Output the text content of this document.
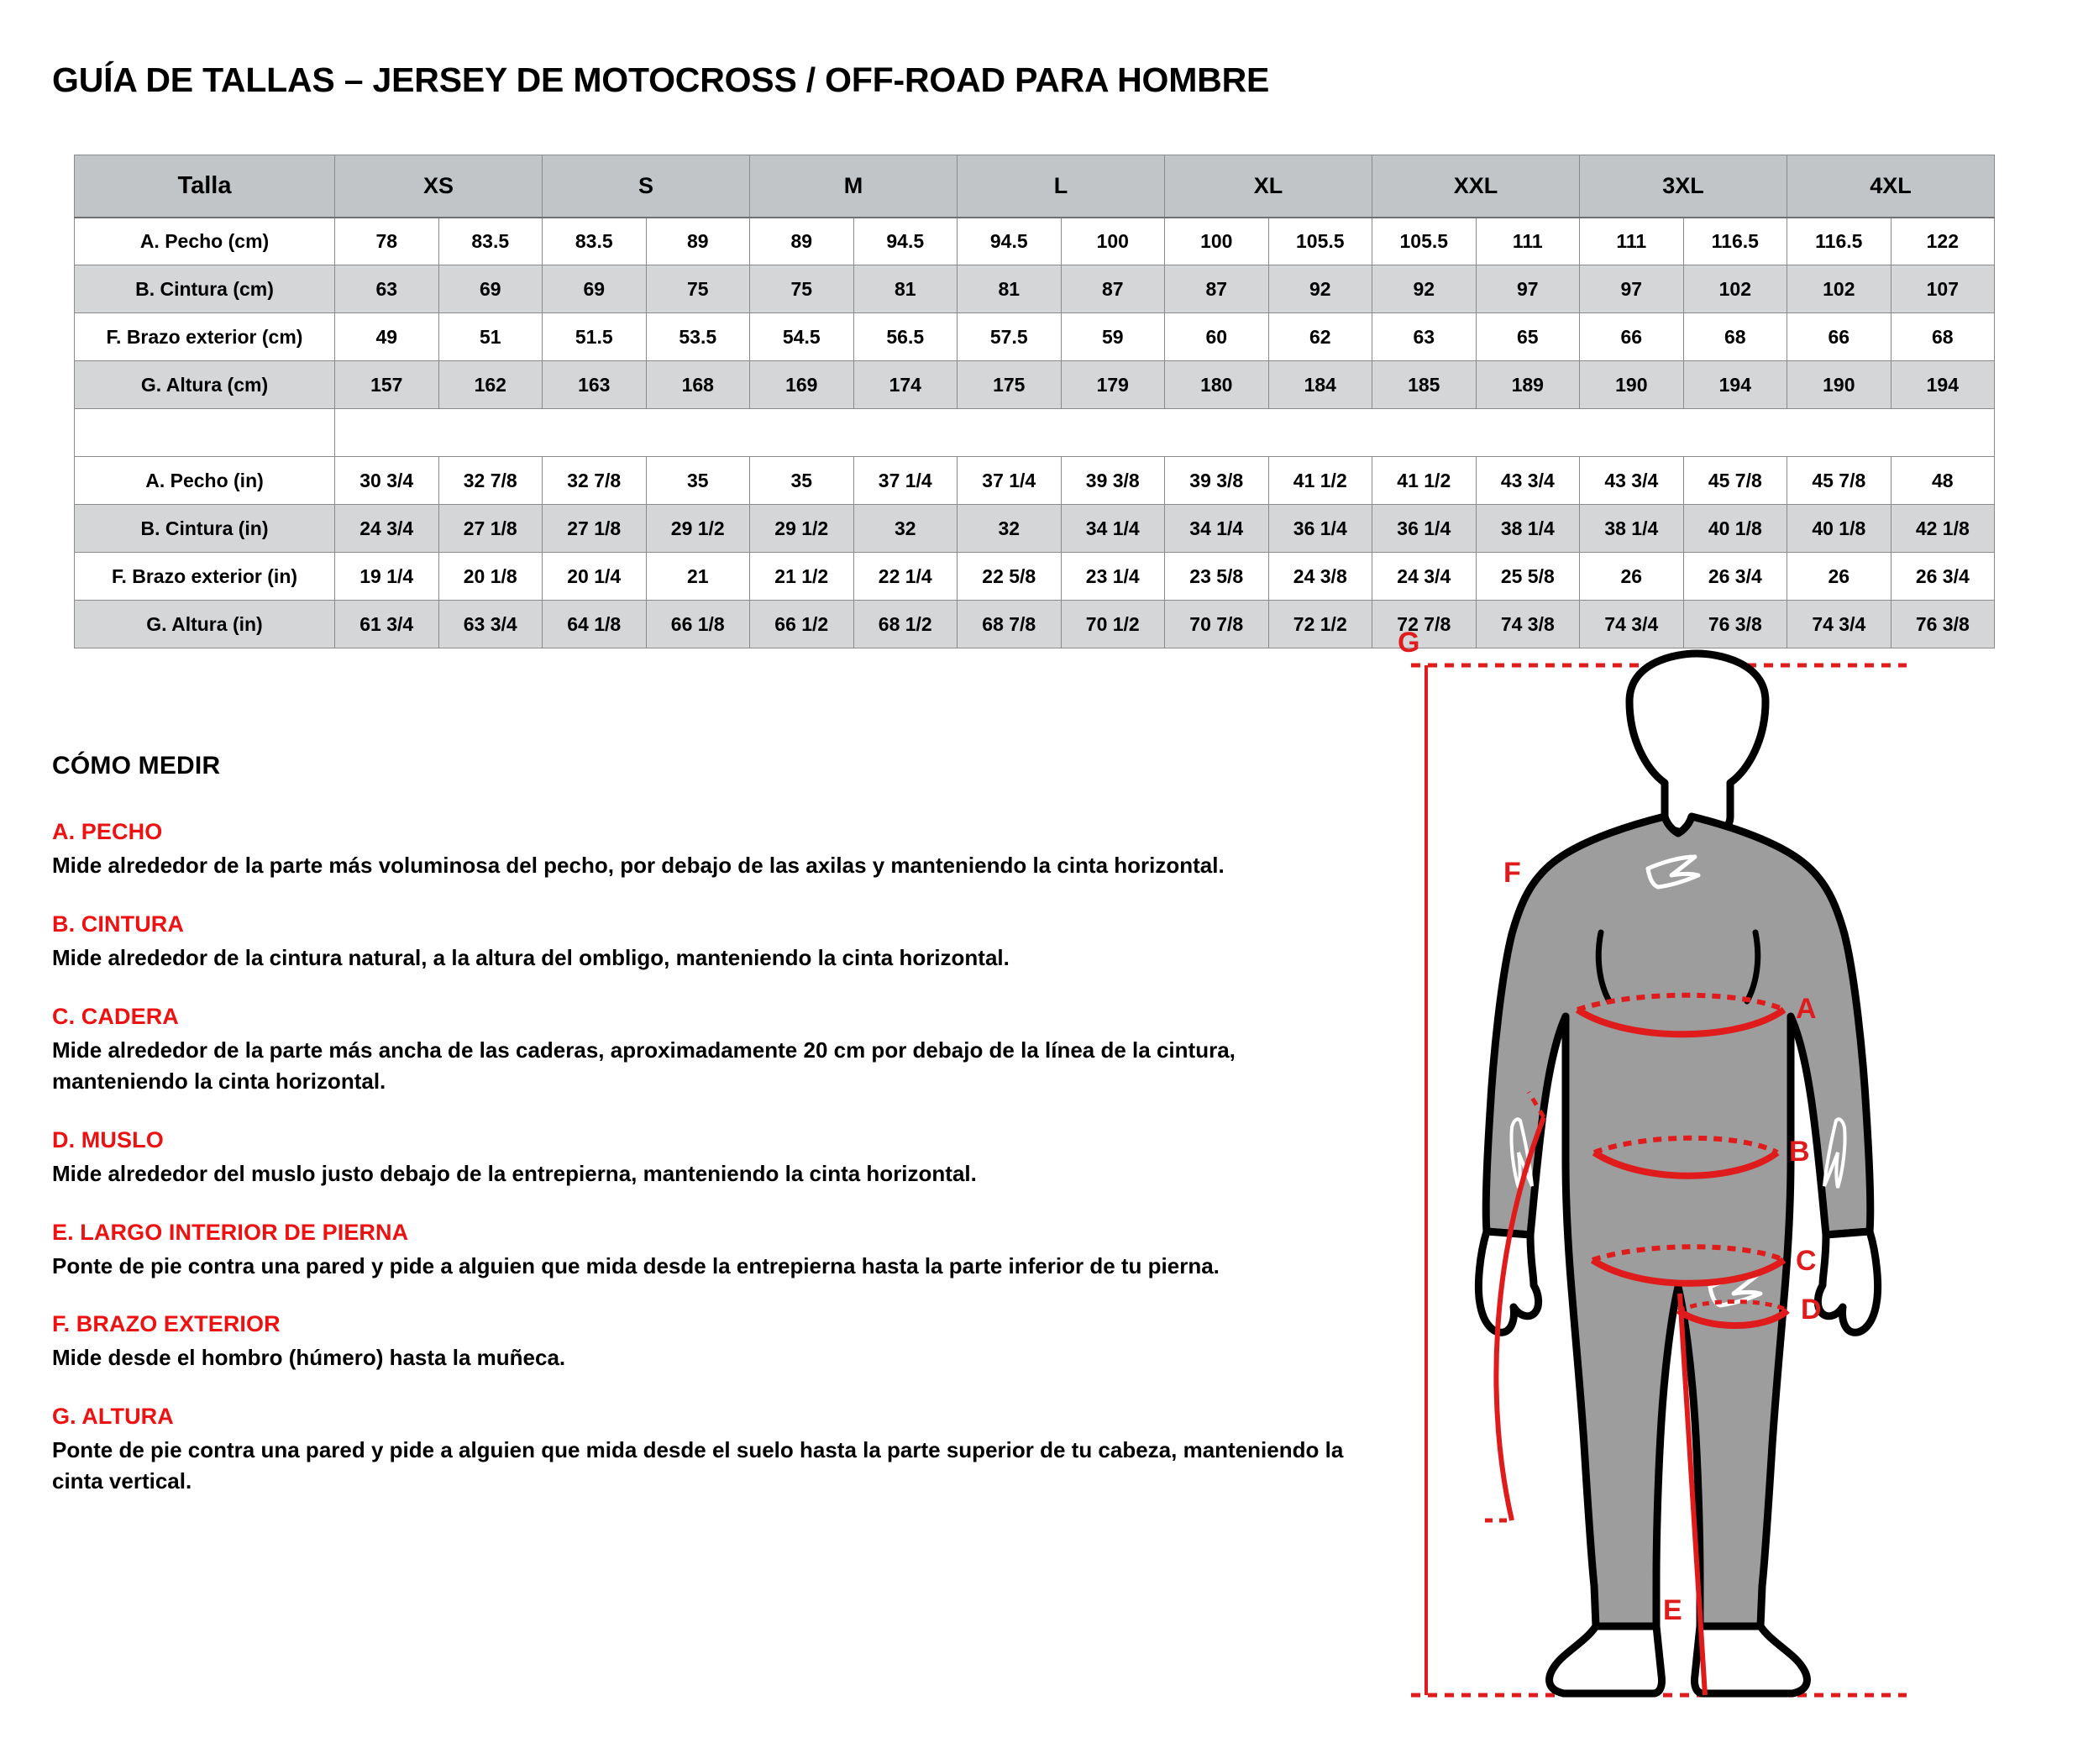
GUÍA DE TALLAS – JERSEY DE MOTOCROSS / OFF-ROAD PARA HOMBRE
Talla	XS		S		M		L		XL		XXL		3XL		4XL	
A. Pecho (cm)	78	83.5	83.5	89	89	94.5	94.5	100	100	105.5	105.5	111	111	116.5	116.5	122
B. Cintura (cm)	63	69	69	75	75	81	81	87	87	92	92	97	97	102	102	107
F. Brazo exterior (cm)	49	51	51.5	53.5	54.5	56.5	57.5	59	60	62	63	65	66	68	66	68
G. Altura (cm)	157	162	163	168	169	174	175	179	180	184	185	189	190	194	190	194

A. Pecho (in)	30 3/4	32 7/8	32 7/8	35	35	37 1/4	37 1/4	39 3/8	39 3/8	41 1/2	41 1/2	43 3/4	43 3/4	45 7/8	45 7/8	48
B. Cintura (in)	24 3/4	27 1/8	27 1/8	29 1/2	29 1/2	32	32	34 1/4	34 1/4	36 1/4	36 1/4	38 1/4	38 1/4	40 1/8	40 1/8	42 1/8
F. Brazo exterior (in)	19 1/4	20 1/8	20 1/4	21	21 1/2	22 1/4	22 5/8	23 1/4	23 5/8	24 3/8	24 3/4	25 5/8	26	26 3/4	26	26 3/4
G. Altura (in)	61 3/4	63 3/4	64 1/8	66 1/8	66 1/2	68 1/2	68 7/8	70 1/2	70 7/8	72 1/2	72 7/8	74 3/8	74 3/4	76 3/8	74 3/4	76 3/8
CÓMO MEDIR
A. PECHO
Mide alrededor de la parte más voluminosa del pecho, por debajo de las axilas y manteniendo la cinta horizontal.
B. CINTURA
Mide alrededor de la cintura natural, a la altura del ombligo, manteniendo la cinta horizontal.
C. CADERA
Mide alrededor de la parte más ancha de las caderas, aproximadamente 20 cm por debajo de la línea de la cintura, manteniendo la cinta horizontal.
D. MUSLO
Mide alrededor del muslo justo debajo de la entrepierna, manteniendo la cinta horizontal.
E. LARGO INTERIOR DE PIERNA
Ponte de pie contra una pared y pide a alguien que mida desde la entrepierna hasta la parte inferior de tu pierna.
F. BRAZO EXTERIOR
Mide desde el hombro (húmero) hasta la muñeca.
G. ALTURA
Ponte de pie contra una pared y pide a alguien que mida desde el suelo hasta la parte superior de tu cabeza, manteniendo la cinta vertical.
G
F
A
B
C
D
E
